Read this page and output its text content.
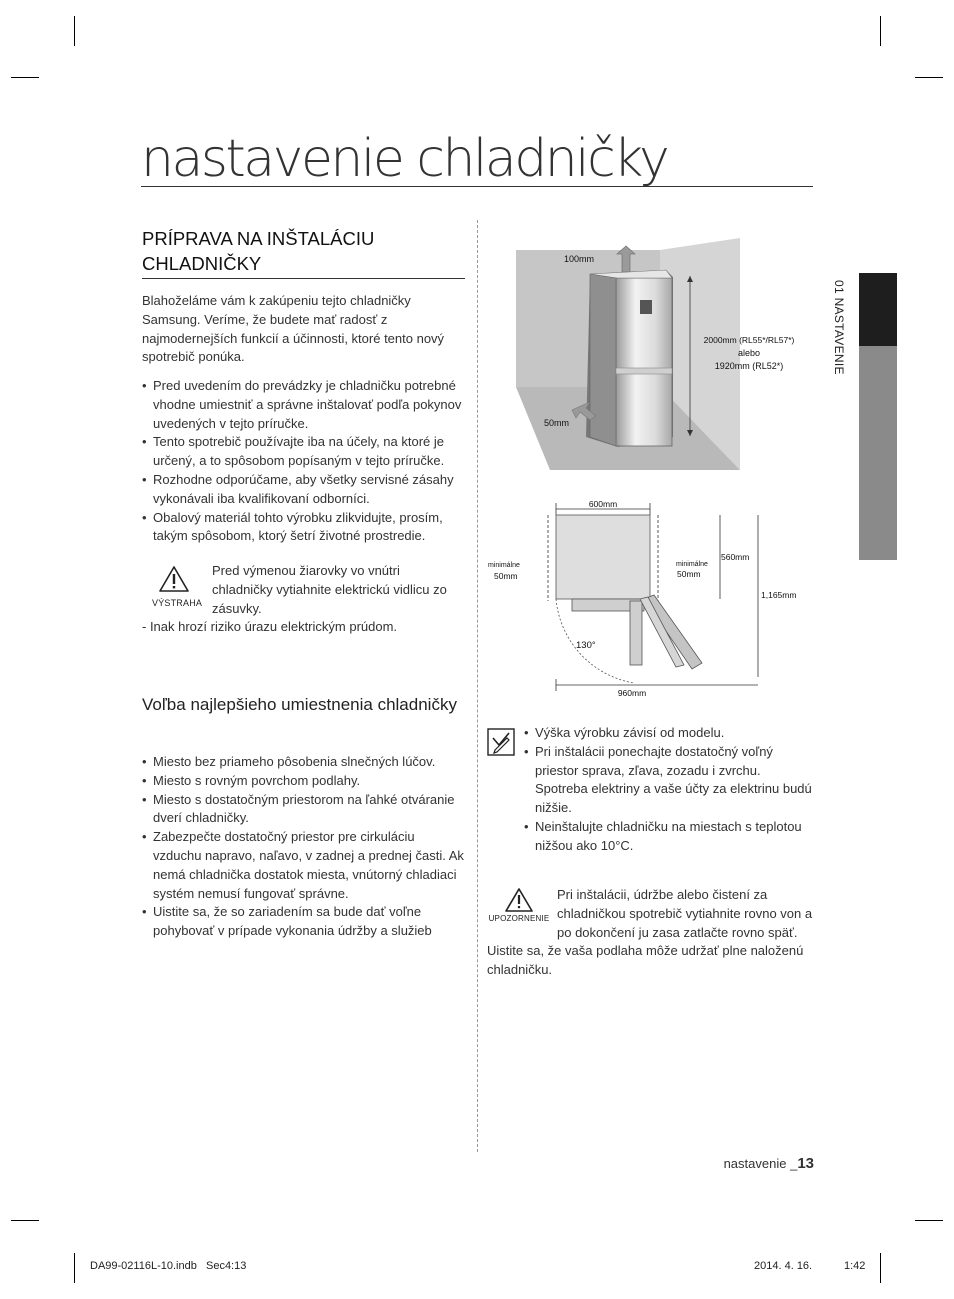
nastavenie chladničky
01 NASTAVENIE
PRÍPRAVA NA INŠTALÁCIU CHLADNIČKY
Blahoželáme vám k zakúpeniu tejto chladničky Samsung. Veríme, že budete mať radosť z najmodernejších funkcií a účinnosti, ktoré tento nový spotrebič ponúka.
• Pred uvedením do prevádzky je chladničku potrebné vhodne umiestniť a správne inštalovať podľa pokynov uvedených v tejto príručke.
• Tento spotrebič používajte iba na účely, na ktoré je určený, a to spôsobom popísaným v tejto príručke.
• Rozhodne odporúčame, aby všetky servisné zásahy vykonávali iba kvalifikovaní odborníci.
• Obalový materiál tohto výrobku zlikvidujte, prosím, takým spôsobom, ktorý šetrí životné prostredie.
VÝSTRAHA
Pred výmenou žiarovky vo vnútri chladničky vytiahnite elektrickú vidlicu zo zásuvky.
- Inak hrozí riziko úrazu elektrickým prúdom.
Voľba najlepšieho umiestnenia chladničky
• Miesto bez priameho pôsobenia slnečných lúčov.
• Miesto s rovným povrchom podlahy.
• Miesto s dostatočným priestorom na ľahké otváranie dverí chladničky.
• Zabezpečte dostatočný priestor pre cirkuláciu vzduchu napravo, naľavo, v zadnej a prednej časti. Ak nemá chladnička dostatok miesta, vnútorný chladiaci systém nemusí fungovať správne.
• Uistite sa, že so zariadením sa bude dať voľne pohybovať v prípade vykonania údržby a služieb
100mm
50mm
2000mm (RL55*/RL57*)
alebo
1920mm (RL52*)
600mm
minimálne
50mm
minimálne
50mm
560mm
1,165mm
130°
960mm
• Výška výrobku závisí od modelu.
• Pri inštalácii ponechajte dostatočný voľný priestor sprava, zľava, zozadu i zvrchu. Spotreba elektriny a vaše účty za elektrinu budú nižšie.
• Neinštalujte chladničku na miestach s teplotou nižšou ako 10°C.
UPOZORNENIE
Pri inštalácii, údržbe alebo čistení za chladničkou spotrebič vytiahnite rovno von a po dokončení ju zasa zatlačte rovno späť. Uistite sa, že vaša podlaha môže udržať plne naloženú chladničku.
nastavenie _13
DA99-02116L-10.indb   Sec4:13	2014. 4. 16.	1:42
